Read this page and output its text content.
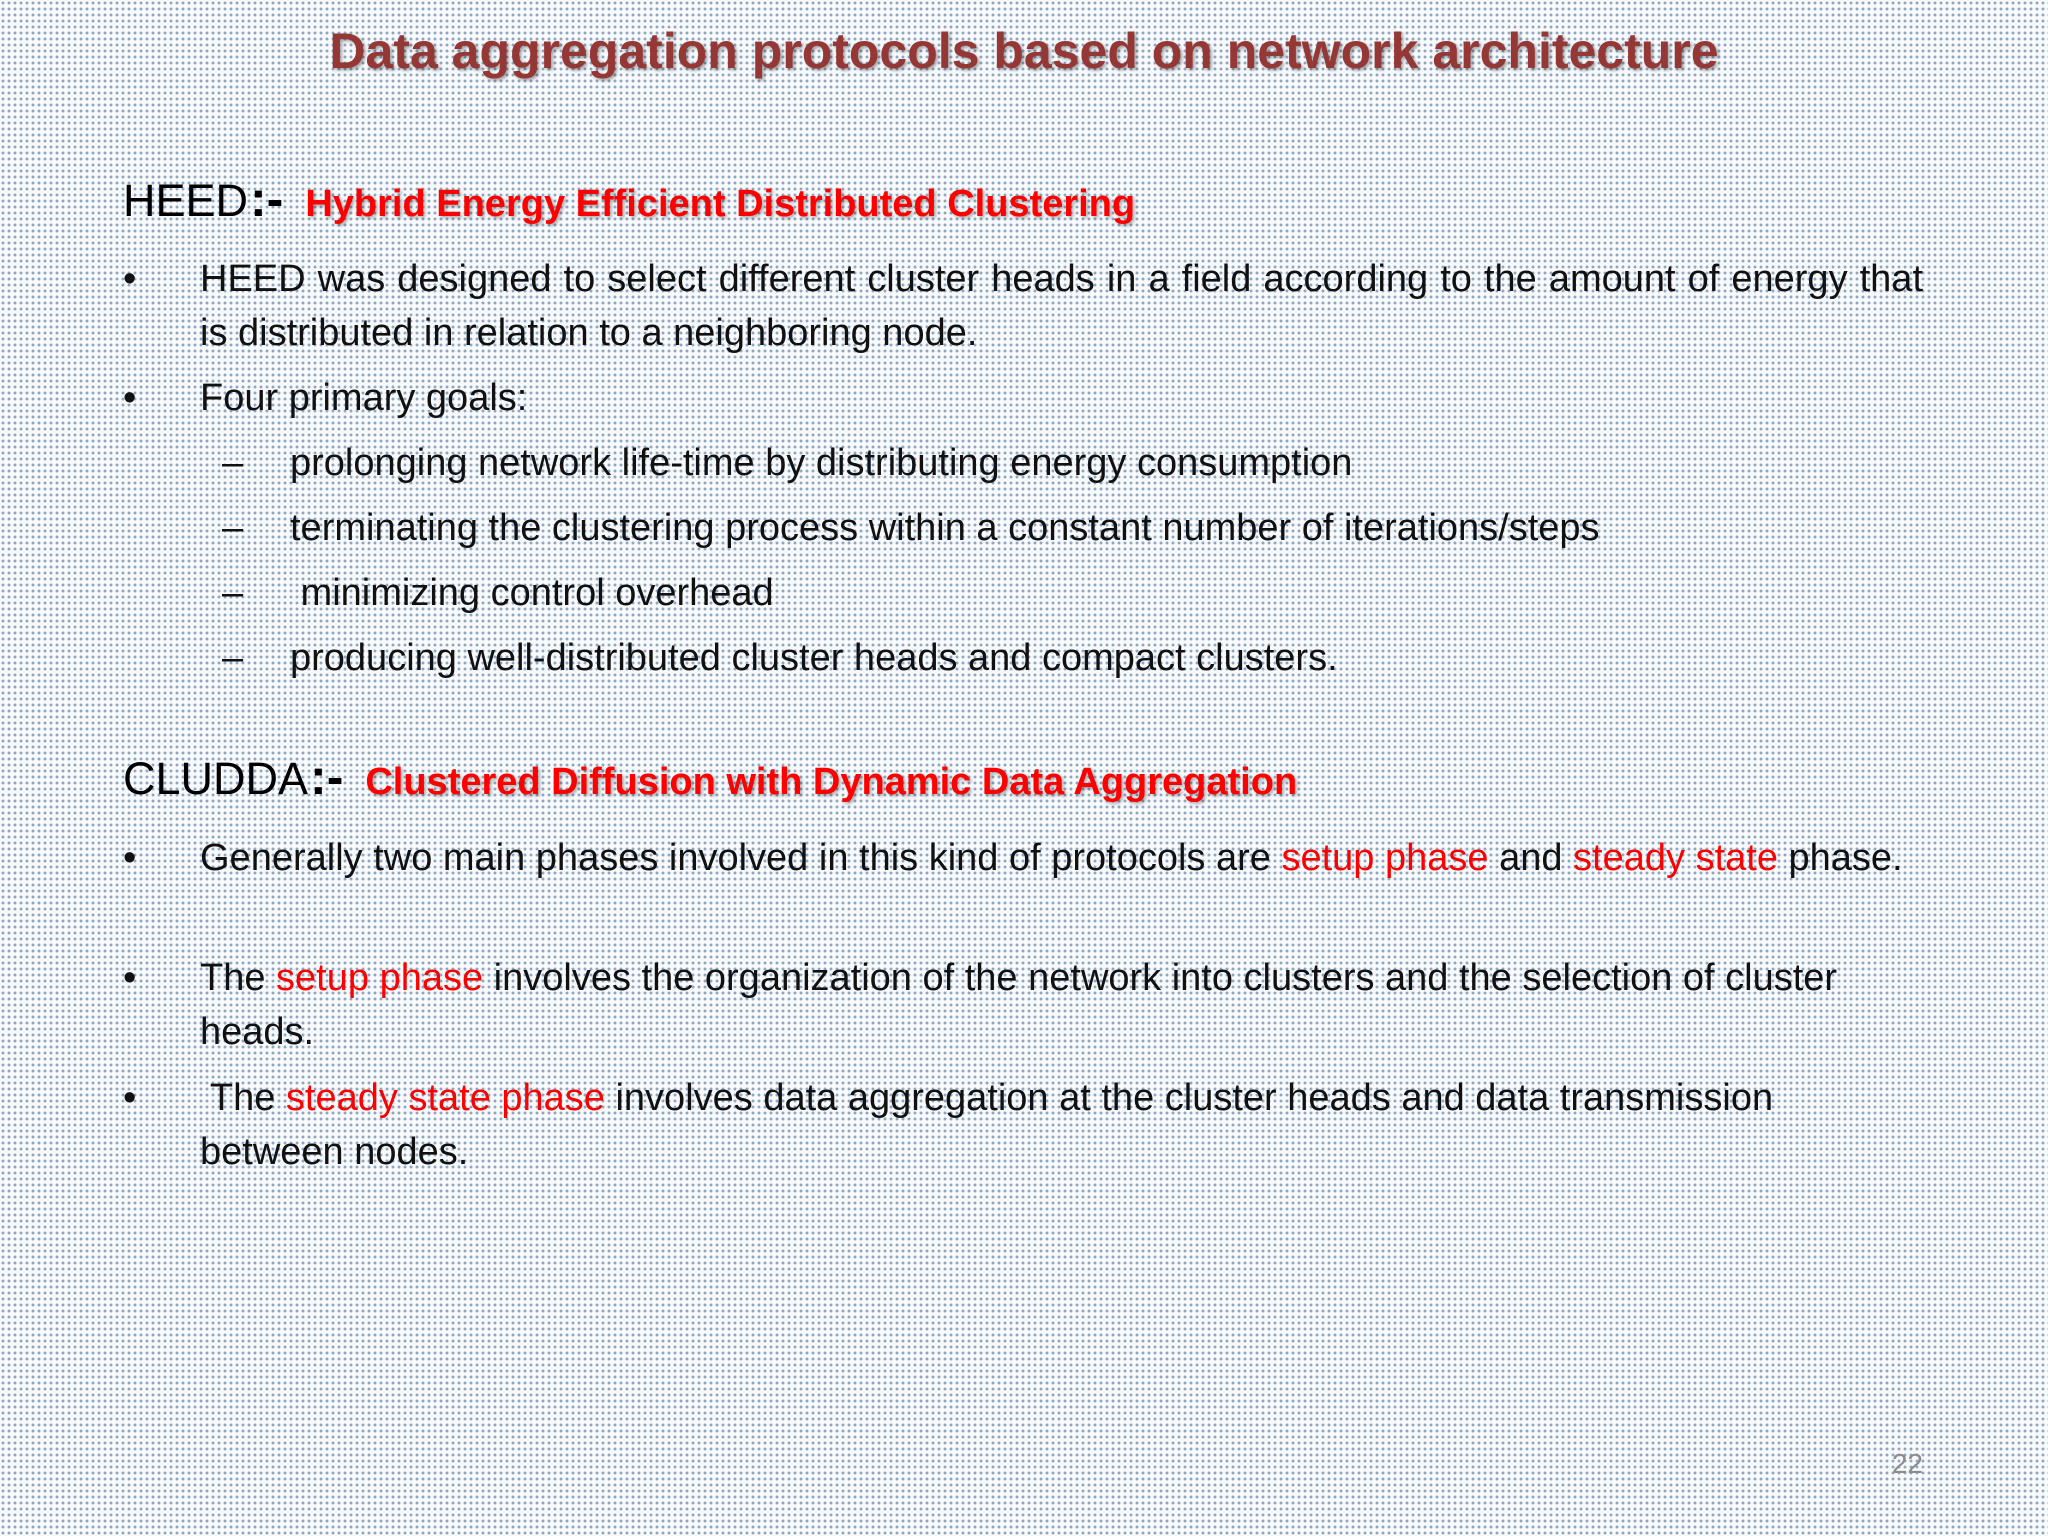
Data aggregation protocols based on network architecture
HEED :- Hybrid Energy Efficient Distributed Clustering
• HEED was designed to select different cluster heads in a field according to the amount of energy that is distributed in relation to a neighboring node.
• Four primary goals:
– prolonging network life-time by distributing energy consumption
– terminating the clustering process within a constant number of iterations/steps
– minimizing control overhead
– producing well-distributed cluster heads and compact clusters.
CLUDDA :- Clustered Diffusion with Dynamic Data Aggregation
• Generally two main phases involved in this kind of protocols are setup phase and steady state phase.
• The setup phase involves the organization of the network into clusters and the selection of cluster heads.
• The steady state phase involves data aggregation at the cluster heads and data transmission between nodes.
22
